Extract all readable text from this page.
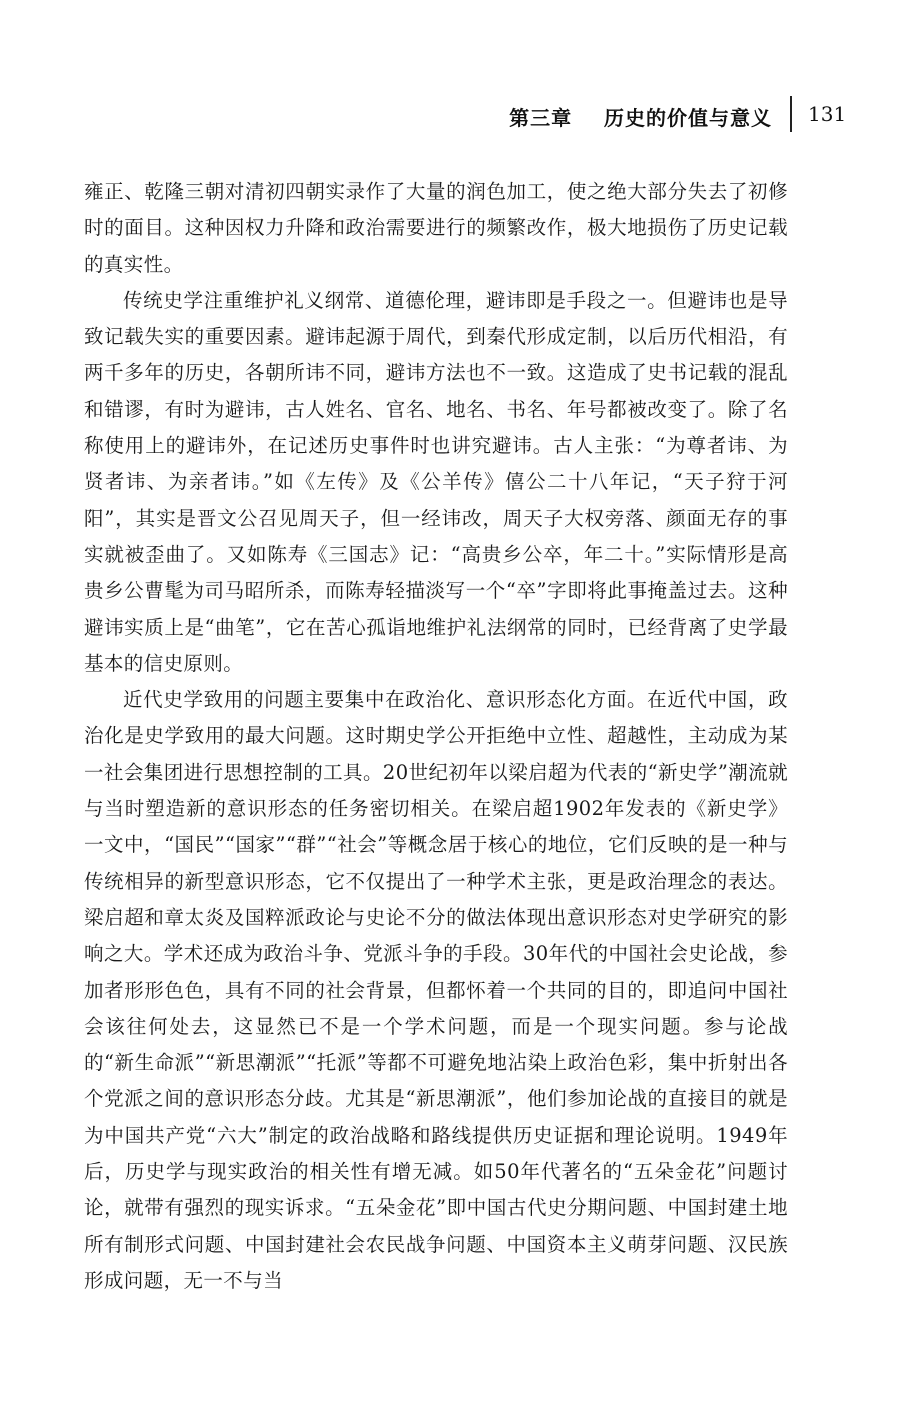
第三章    历史的价值与意义 131

雍正、乾隆三朝对清初四朝实录作了大量的润色加工，使之绝大部分失去了初修时的面目。这种因权力升降和政治需要进行的频繁改作，极大地损伤了历史记载的真实性。

传统史学注重维护礼义纲常、道德伦理，避讳即是手段之一。但避讳也是导致记载失实的重要因素。避讳起源于周代，到秦代形成定制，以后历代相沿，有两千多年的历史，各朝所讳不同，避讳方法也不一致。这造成了史书记载的混乱和错谬，有时为避讳，古人姓名、官名、地名、书名、年号都被改变了。除了名称使用上的避讳外，在记述历史事件时也讲究避讳。古人主张：“为尊者讳、为贤者讳、为亲者讳。”如《左传》及《公羊传》僖公二十八年记，“天子狩于河阳”，其实是晋文公召见周天子，但一经讳改，周天子大权旁落、颜面无存的事实就被歪曲了。又如陈寿《三国志》记：“高贵乡公卒，年二十。”实际情形是高贵乡公曹髦为司马昭所杀，而陈寿轻描淡写一个“卒”字即将此事掩盖过去。这种避讳实质上是“曲笔”，它在苦心孤诣地维护礼法纲常的同时，已经背离了史学最基本的信史原则。

近代史学致用的问题主要集中在政治化、意识形态化方面。在近代中国，政治化是史学致用的最大问题。这时期史学公开拒绝中立性、超越性，主动成为某一社会集团进行思想控制的工具。20世纪初年以梁启超为代表的“新史学”潮流就与当时塑造新的意识形态的任务密切相关。在梁启超1902年发表的《新史学》一文中，“国民”“国家”“群”“社会”等概念居于核心的地位，它们反映的是一种与传统相异的新型意识形态，它不仅提出了一种学术主张，更是政治理念的表达。梁启超和章太炎及国粹派政论与史论不分的做法体现出意识形态对史学研究的影响之大。学术还成为政治斗争、党派斗争的手段。30年代的中国社会史论战，参加者形形色色，具有不同的社会背景，但都怀着一个共同的目的，即追问中国社会该往何处去，这显然已不是一个学术问题，而是一个现实问题。参与论战的“新生命派”“新思潮派”“托派”等都不可避免地沾染上政治色彩，集中折射出各个党派之间的意识形态分歧。尤其是“新思潮派”，他们参加论战的直接目的就是为中国共产党“六大”制定的政治战略和路线提供历史证据和理论说明。1949年后，历史学与现实政治的相关性有增无减。如50年代著名的“五朵金花”问题讨论，就带有强烈的现实诉求。“五朵金花”即中国古代史分期问题、中国封建土地所有制形式问题、中国封建社会农民战争问题、中国资本主义萌芽问题、汉民族形成问题，无一不与当
